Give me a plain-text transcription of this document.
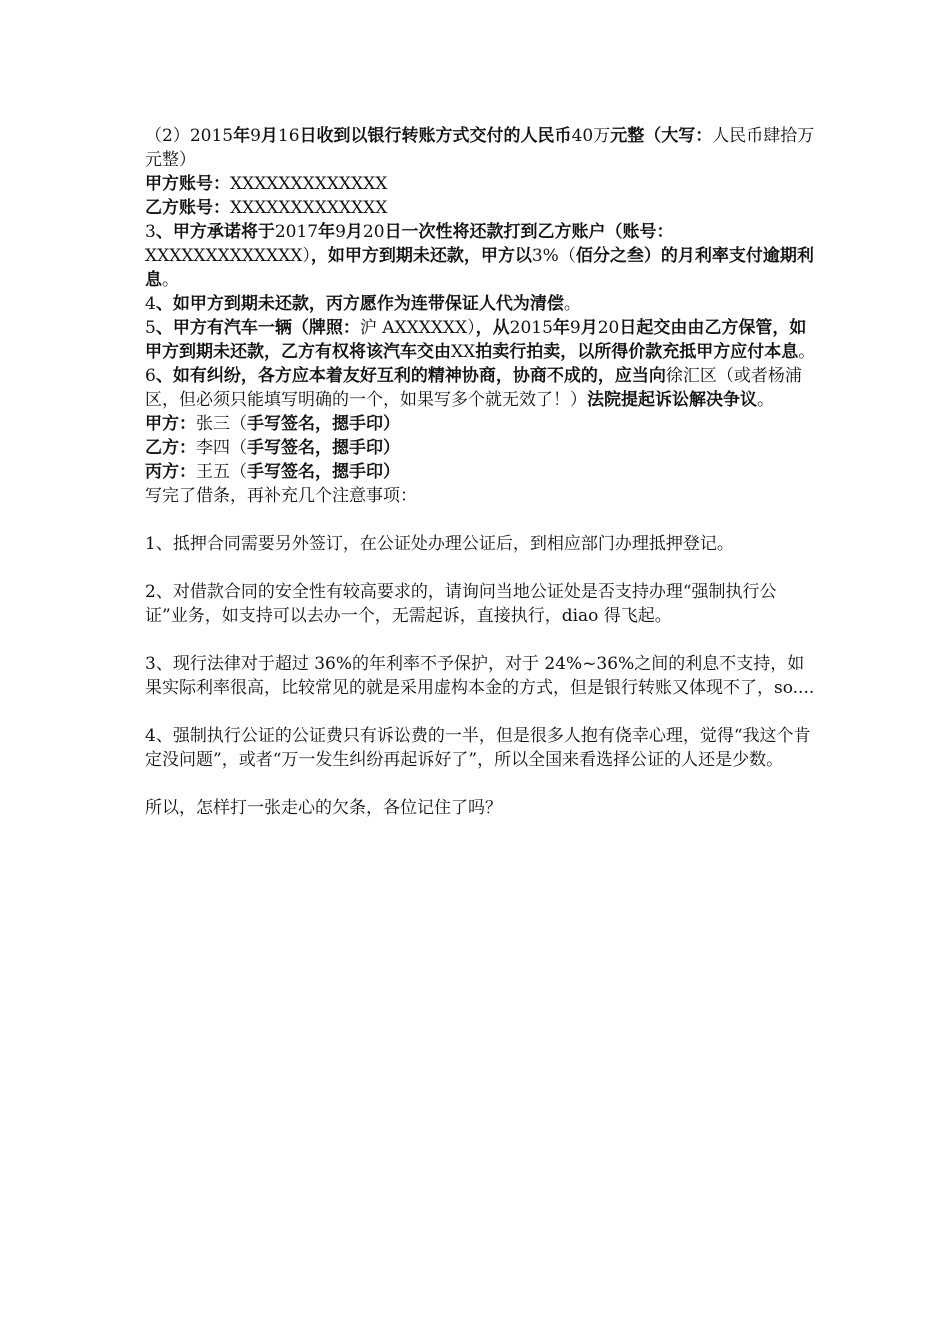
（2）2015年9月16日收到以银行转账方式交付的人民币40万元整（大写：人民币肆拾万元整）

甲方账号：XXXXXXXXXXXXX

乙方账号：XXXXXXXXXXXXX

3、甲方承诺将于2017年9月20日一次性将还款打到乙方账户（账号：XXXXXXXXXXXXX），如甲方到期未还款，甲方以3%（佰分之叁）的月利率支付逾期利息。

4、如甲方到期未还款，丙方愿作为连带保证人代为清偿。

5、甲方有汽车一辆（牌照：沪 AXXXXXX），从2015年9月20日起交由由乙方保管，如甲方到期未还款，乙方有权将该汽车交由XX拍卖行拍卖，以所得价款充抵甲方应付本息。

6、如有纠纷，各方应本着友好互利的精神协商，协商不成的，应当向徐汇区（或者杨浦区，但必须只能填写明确的一个，如果写多个就无效了！）法院提起诉讼解决争议。

甲方：张三（手写签名，摁手印）

乙方：李四（手写签名，摁手印）

丙方：王五（手写签名，摁手印）

写完了借条，再补充几个注意事项：

1、抵押合同需要另外签订，在公证处办理公证后，到相应部门办理抵押登记。

2、对借款合同的安全性有较高要求的，请询问当地公证处是否支持办理“强制执行公证”业务，如支持可以去办一个，无需起诉，直接执行，diao 得飞起。

3、现行法律对于超过 36%的年利率不予保护，对于 24%~36%之间的利息不支持，如果实际利率很高，比较常见的就是采用虚构本金的方式，但是银行转账又体现不了，so....

4、强制执行公证的公证费只有诉讼费的一半，但是很多人抱有侥幸心理，觉得“我这个肯定没问题”，或者“万一发生纠纷再起诉好了”，所以全国来看选择公证的人还是少数。

所以，怎样打一张走心的欠条，各位记住了吗？
